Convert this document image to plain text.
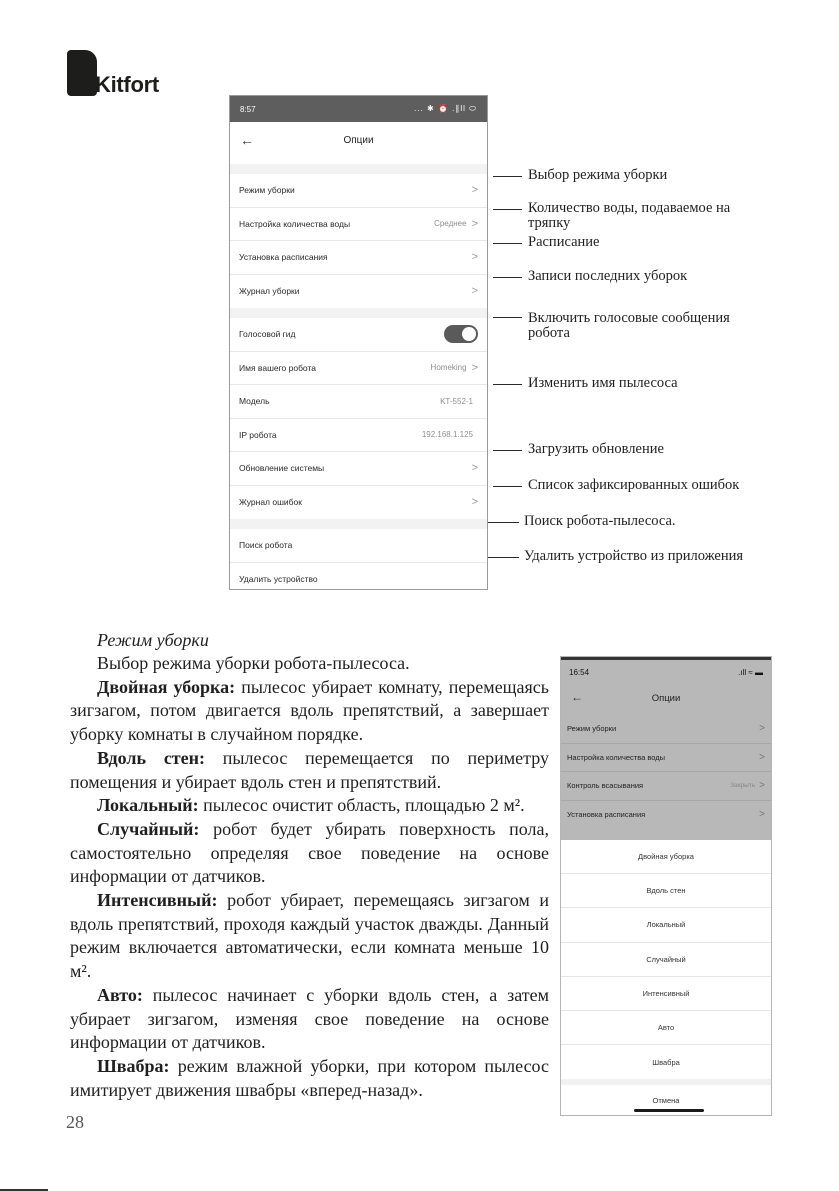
Kitfort
8:57	... ✱ ⏰ .∥ll ⬭
←	Опции
Режим уборки	>
Настройка количества воды	Среднее >
Установка расписания	>
Журнал уборки	>
Голосовой гид
Имя вашего робота	Homeking >
Модель	KT-552-1
IP робота	192.168.1.125
Обновление системы	>
Журнал ошибок	>
Поиск робота
Удалить устройство
Выбор режима уборки
Количество воды, подаваемое на тряпку
Расписание
Записи последних уборок
Включить голосовые сообщения робота
Изменить имя пылесоса
Загрузить обновление
Список зафиксированных ошибок
Поиск робота-пылесоса.
Удалить устройство из приложения
Режим уборки

Выбор режима уборки робота-пылесоса.

Двойная уборка: пылесос убирает комнату, перемещаясь зигзагом, потом двигается вдоль препятствий, а завершает уборку комнаты в случайном порядке.

Вдоль стен: пылесос перемещается по периметру помещения и убирает вдоль стен и препятствий.

Локальный: пылесос очистит область, площадью 2 м².

Случайный: робот будет убирать поверхность пола, самостоятельно определяя свое поведение на основе информации от датчиков.

Интенсивный: робот убирает, перемещаясь зигзагом и вдоль препятствий, проходя каждый участок дважды. Данный режим включается автоматически, если комната меньше 10 м².

Авто: пылесос начинает с уборки вдоль стен, а затем убирает зигзагом, изменяя свое поведение на основе информации от датчиков.

Швабра: режим влажной уборки, при котором пылесос имитирует движения швабры «вперед-назад».

28
16:54	.ıll ≈ ▬
←	Опции
Режим уборки	>
Настройка количества воды	>
Контроль всасывания	Закрыть >
Установка расписания	>
Двойная уборка
Вдоль стен
Локальный
Случайный
Интенсивный
Авто
Швабра
Отмена
